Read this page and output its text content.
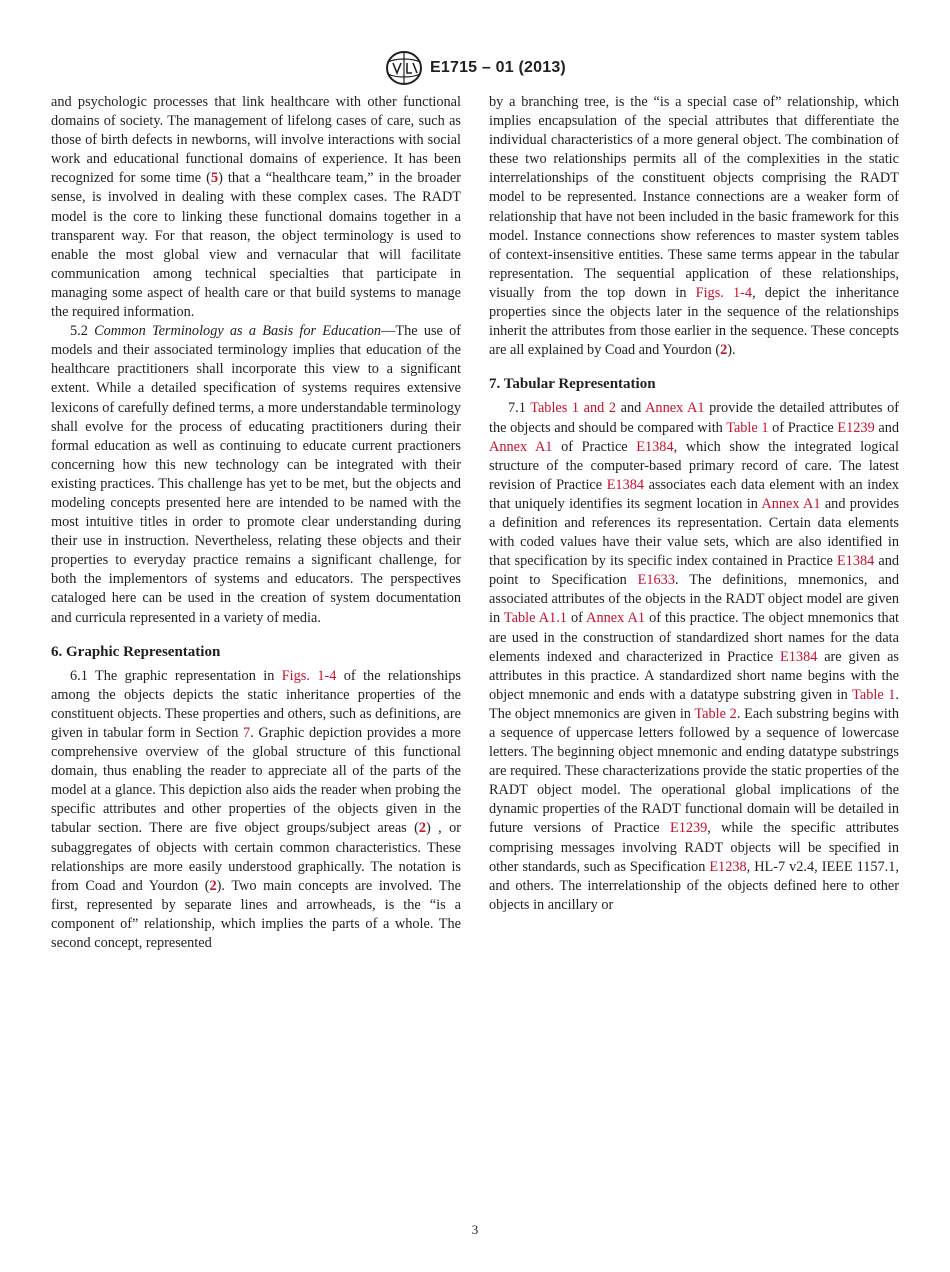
E1715 – 01 (2013)

and psychologic processes that link healthcare with other functional domains of society. The management of lifelong cases of care, such as those of birth defects in newborns, will involve interactions with social work and educational functional domains of experience. It has been recognized for some time (5) that a “healthcare team,” in the broader sense, is involved in dealing with these complex cases. The RADT model is the core to linking these functional domains together in a transparent way. For that reason, the object terminology is used to enable the most global view and vernacular that will facilitate communication among technical specialties that participate in managing some aspect of health care or that build systems to manage the required information.

5.2 Common Terminology as a Basis for Education—The use of models and their associated terminology implies that education of the healthcare practitioners shall incorporate this view to a significant extent. While a detailed specification of systems requires extensive lexicons of carefully defined terms, a more understandable terminology shall evolve for the process of educating practitioners during their formal education as well as continuing to educate current practioners concerning how this new technology can be integrated with their existing practices. This challenge has yet to be met, but the objects and modeling concepts presented here are intended to be named with the most intuitive titles in order to promote clear understanding during their use in instruction. Nevertheless, relating these objects and their properties to everyday practice remains a significant challenge, for both the implementors of systems and educators. The perspectives cataloged here can be used in the creation of system documentation and curricula represented in a variety of media.

6. Graphic Representation

6.1 The graphic representation in Figs. 1-4 of the relationships among the objects depicts the static inheritance properties of the constituent objects. These properties and others, such as definitions, are given in tabular form in Section 7. Graphic depiction provides a more comprehensive overview of the global structure of this functional domain, thus enabling the reader to appreciate all of the parts of the model at a glance. This depiction also aids the reader when probing the specific attributes and other properties of the objects given in the tabular section. There are five object groups/subject areas (2) , or subaggregates of objects with certain common characteristics. These relationships are more easily understood graphically. The notation is from Coad and Yourdon (2). Two main concepts are involved. The first, represented by separate lines and arrowheads, is the “is a component of” relationship, which implies the parts of a whole. The second concept, represented

by a branching tree, is the “is a special case of” relationship, which implies encapsulation of the special attributes that differentiate the individual characteristics of a more general object. The combination of these two relationships permits all of the complexities in the static interrelationships of the constituent objects comprising the RADT model to be represented. Instance connections are a weaker form of relationship that have not been included in the basic framework for this model. Instance connections show references to master system tables of context-insensitive entities. These same terms appear in the tabular representation. The sequential application of these relationships, visually from the top down in Figs. 1-4, depict the inheritance properties since the objects later in the sequence of the relationships inherit the attributes from those earlier in the sequence. These concepts are all explained by Coad and Yourdon (2).

7. Tabular Representation

7.1 Tables 1 and 2 and Annex A1 provide the detailed attributes of the objects and should be compared with Table 1 of Practice E1239 and Annex A1 of Practice E1384, which show the integrated logical structure of the computer-based primary record of care. The latest revision of Practice E1384 associates each data element with an index that uniquely identifies its segment location in Annex A1 and provides a definition and references its representation. Certain data elements with coded values have their value sets, which are also identified in that specification by its specific index contained in Practice E1384 and point to Specification E1633. The definitions, mnemonics, and associated attributes of the objects in the RADT object model are given in Table A1.1 of Annex A1 of this practice. The object mnemonics that are used in the construction of standardized short names for the data elements indexed and characterized in Practice E1384 are given as attributes in this practice. A standardized short name begins with the object mnemonic and ends with a datatype substring given in Table 1. The object mnemonics are given in Table 2. Each substring begins with a sequence of uppercase letters followed by a sequence of lowercase letters. The beginning object mnemonic and ending datatype substrings are required. These characterizations provide the static properties of the RADT object model. The operational global implications of the dynamic properties of the RADT functional domain will be detailed in future versions of Practice E1239, while the specific attributes comprising messages involving RADT objects will be specified in other standards, such as Specification E1238, HL-7 v2.4, IEEE 1157.1, and others. The interrelationship of the objects defined here to other objects in ancillary or

3
